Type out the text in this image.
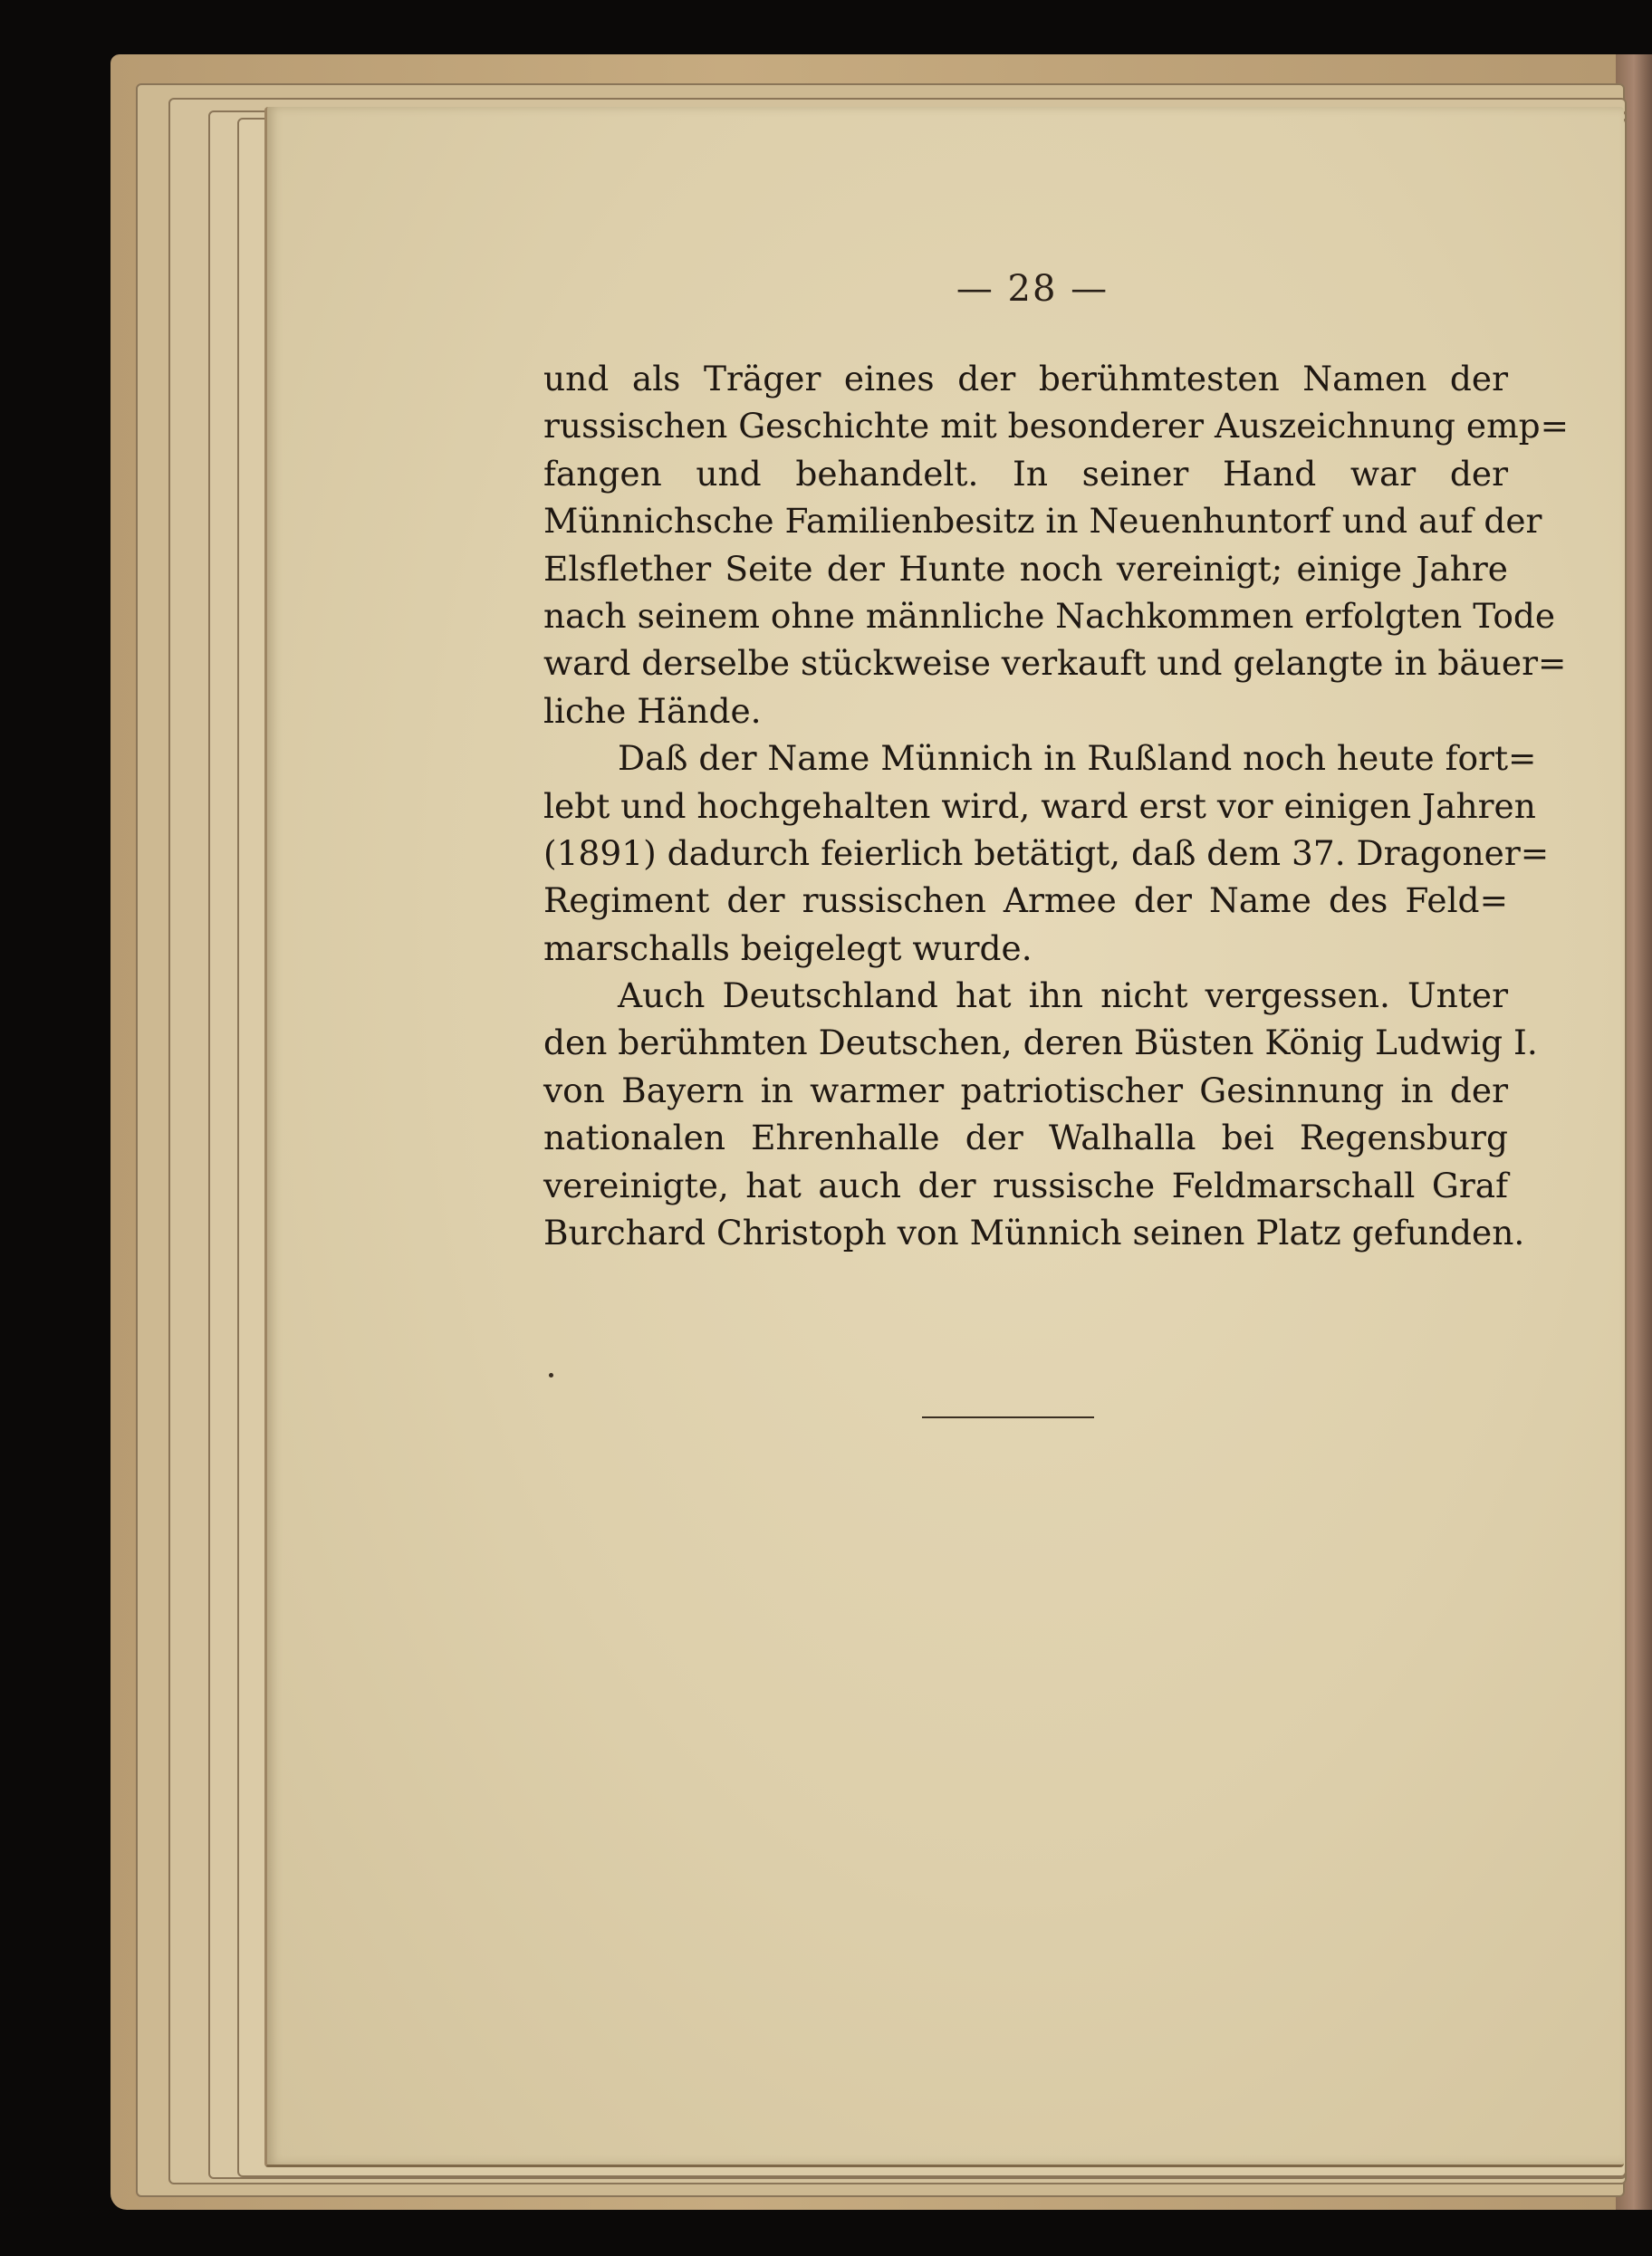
— 28 —
und als Träger eines der berühmtesten Namen der
russischen Geschichte mit besonderer Auszeichnung emp=
fangen und behandelt. In seiner Hand war der
Münnichsche Familienbesitz in Neuenhuntorf und auf der
Elsflether Seite der Hunte noch vereinigt; einige Jahre
nach seinem ohne männliche Nachkommen erfolgten Tode
ward derselbe stückweise verkauft und gelangte in bäuer=
liche Hände.
Daß der Name Münnich in Rußland noch heute fort=
lebt und hochgehalten wird, ward erst vor einigen Jahren
(1891) dadurch feierlich betätigt, daß dem 37. Dragoner=
Regiment der russischen Armee der Name des Feld=
marschalls beigelegt wurde.
Auch Deutschland hat ihn nicht vergessen. Unter
den berühmten Deutschen, deren Büsten König Ludwig I.
von Bayern in warmer patriotischer Gesinnung in der
nationalen Ehrenhalle der Walhalla bei Regensburg
vereinigte, hat auch der russische Feldmarschall Graf
Burchard Christoph von Münnich seinen Platz gefunden.
